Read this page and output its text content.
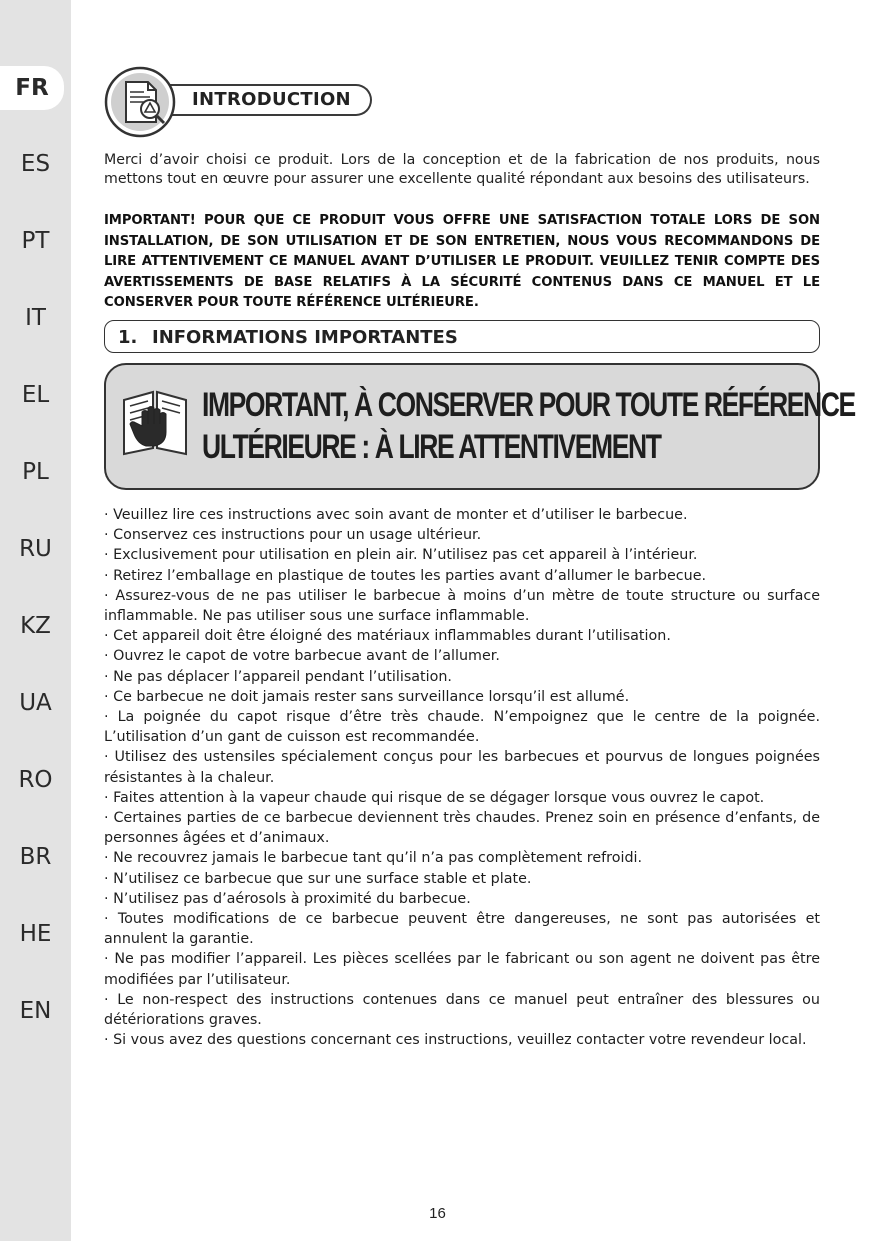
FR
ES
PT
IT
EL
PL
RU
KZ
UA
RO
BR
HE
EN
INTRODUCTION
Merci d’avoir choisi ce produit. Lors de la conception et de la fabrication de nos produits, nous mettons tout en œuvre pour assurer une excellente qualité répondant aux besoins des utilisateurs.
IMPORTANT! POUR QUE CE PRODUIT VOUS OFFRE UNE SATISFACTION TOTALE LORS DE SON INSTALLATION, DE SON UTILISATION ET DE SON ENTRETIEN, NOUS VOUS RECOMMANDONS DE LIRE ATTENTIVEMENT CE MANUEL AVANT D’UTILISER LE PRODUIT. VEUILLEZ TENIR COMPTE DES AVERTISSEMENTS DE BASE RELATIFS À LA SÉCURITÉ CONTENUS DANS CE MANUEL ET LE CONSERVER POUR TOUTE RÉFÉRENCE ULTÉRIEURE.
1. INFORMATIONS IMPORTANTES
IMPORTANT, À CONSERVER POUR TOUTE RÉFÉRENCE
ULTÉRIEURE : À LIRE ATTENTIVEMENT
· Veuillez lire ces instructions avec soin avant de monter et d’utiliser le barbecue.
· Conservez ces instructions pour un usage ultérieur.
· Exclusivement pour utilisation en plein air. N’utilisez pas cet appareil à l’intérieur.
· Retirez l’emballage en plastique de toutes les parties avant d’allumer le barbecue.
· Assurez-vous de ne pas utiliser le barbecue à moins d’un mètre de toute structure ou surface inflammable. Ne pas utiliser sous une surface inflammable.
· Cet appareil doit être éloigné des matériaux inflammables durant l’utilisation.
· Ouvrez le capot de votre barbecue avant de l’allumer.
· Ne pas déplacer l’appareil pendant l’utilisation.
· Ce barbecue ne doit jamais rester sans surveillance lorsqu’il est allumé.
· La poignée du capot risque d’être très chaude. N’empoignez que le centre de la poignée. L’utilisation d’un gant de cuisson est recommandée.
· Utilisez des ustensiles spécialement conçus pour les barbecues et pourvus de longues poignées résistantes à la chaleur.
· Faites attention à la vapeur chaude qui risque de se dégager lorsque vous ouvrez le capot.
· Certaines parties de ce barbecue deviennent très chaudes. Prenez soin en présence d’enfants, de personnes âgées et d’animaux.
· Ne recouvrez jamais le barbecue tant qu’il n’a pas complètement refroidi.
· N’utilisez ce barbecue que sur une surface stable et plate.
· N’utilisez pas d’aérosols à proximité du barbecue.
· Toutes modifications de ce barbecue peuvent être dangereuses, ne sont pas autorisées et annulent la garantie.
· Ne pas modifier l’appareil. Les pièces scellées par le fabricant ou son agent ne doivent pas être modifiées par l’utilisateur.
· Le non-respect des instructions contenues dans ce manuel peut entraîner des blessures ou détériorations graves.
· Si vous avez des questions concernant ces instructions, veuillez contacter votre revendeur local.
16
